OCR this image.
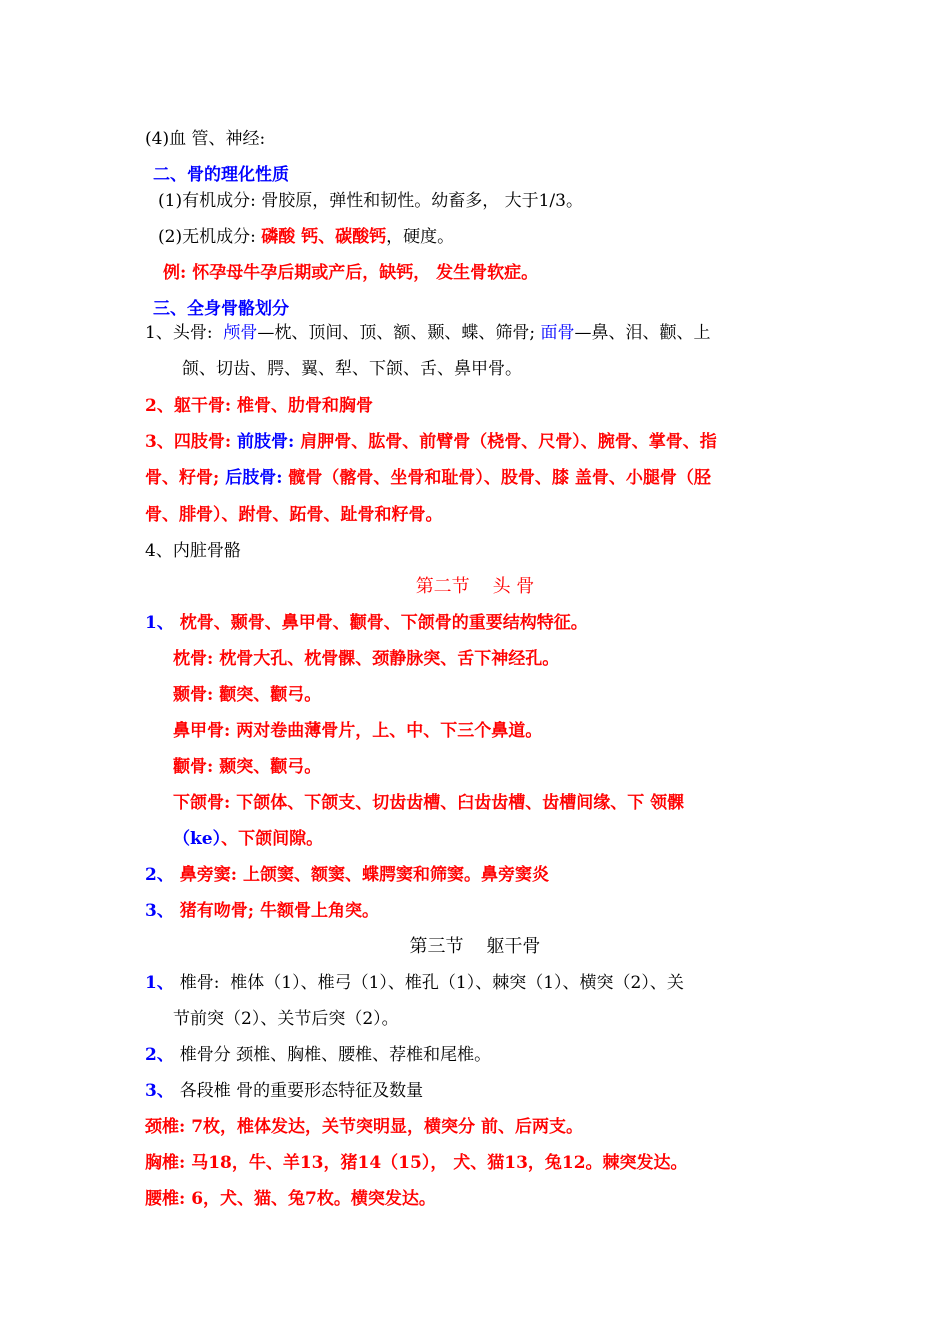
(4)血 管、神经:
二、骨的理化性质
(1)有机成分: 骨胶原，弹性和韧性。幼畜多， 大于1/3。
(2)无机成分: 磷酸 钙、碳酸钙，硬度。
例: 怀孕母牛孕后期或产后，缺钙， 发生骨软症。
三、全身骨骼划分
1、头骨:  颅骨—枕、顶间、顶、额、颞、蝶、筛骨; 面骨—鼻、泪、颧、上
颌、切齿、腭、翼、犁、下颌、舌、鼻甲骨。
2、躯干骨: 椎骨、肋骨和胸骨
3、四肢骨: 前肢骨: 肩胛骨、肱骨、前臂骨（桡骨、尺骨）、腕骨、掌骨、指
骨、籽骨; 后肢骨: 髋骨（髂骨、坐骨和耻骨）、股骨、膝 盖骨、小腿骨（胫
骨、腓骨）、跗骨、跖骨、趾骨和籽骨。
4、内脏骨骼
第二节    头 骨
1、 枕骨、颞骨、鼻甲骨、颧骨、下颌骨的重要结构特征。
枕骨: 枕骨大孔、枕骨髁、颈静脉突、舌下神经孔。
颞骨: 颧突、颧弓。
鼻甲骨: 两对卷曲薄骨片，上、中、下三个鼻道。
颧骨: 颞突、颧弓。
下颌骨: 下颌体、下颌支、切齿齿槽、臼齿齿槽、齿槽间缘、下 领髁
（ke）、下颌间隙。
2、 鼻旁窦: 上颌窦、额窦、蝶腭窦和筛窦。鼻旁窦炎
3、 猪有吻骨; 牛额骨上角突。
第三节    躯干骨
1、 椎骨:  椎体（1）、椎弓（1）、椎孔（1）、棘突（1）、横突（2）、关
节前突（2）、关节后突（2）。
2、 椎骨分 颈椎、胸椎、腰椎、荐椎和尾椎。
3、 各段椎 骨的重要形态特征及数量
颈椎: 7枚，椎体发达，关节突明显，横突分 前、后两支。
胸椎: 马18，牛、羊13，猪14（15）， 犬、猫13，兔12。棘突发达。
腰椎: 6，犬、猫、兔7枚。横突发达。
